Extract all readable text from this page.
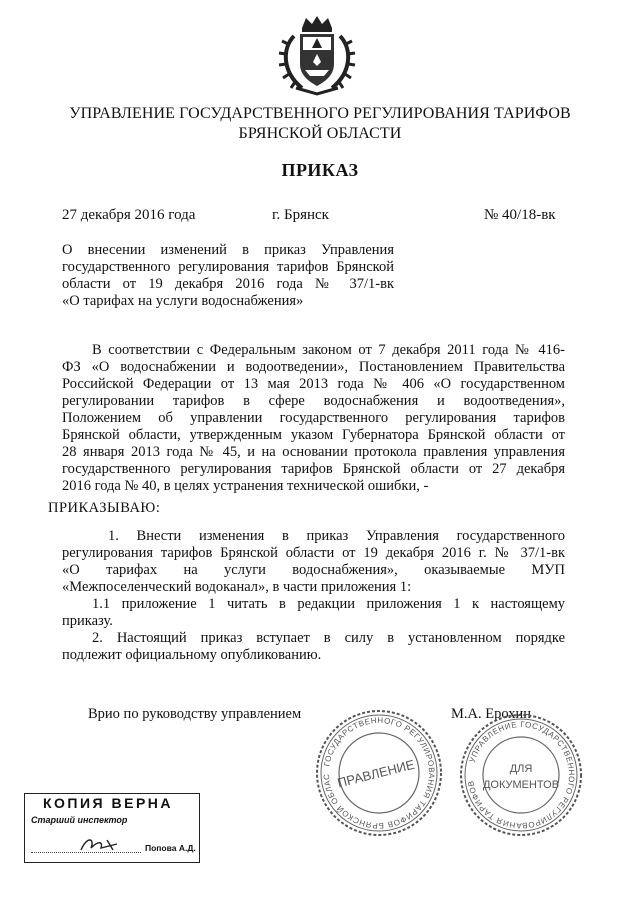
УПРАВЛЕНИЕ ГОСУДАРСТВЕННОГО РЕГУЛИРОВАНИЯ ТАРИФОВ
БРЯНСКОЙ ОБЛАСТИ
ПРИКАЗ
27 декабря 2016 года	г. Брянск	№ 40/18-вк
О внесении изменений в приказ Управления
государственного регулирования тарифов Брянской
области от 19 декабря 2016 года № 37/1-вк
«О тарифах на услуги водоснабжения»
В соответствии с Федеральным законом от 7 декабря 2011 года № 416-
ФЗ «О водоснабжении и водоотведении», Постановлением Правительства
Российской Федерации от 13 мая 2013 года № 406 «О государственном
регулировании тарифов в сфере водоснабжения и водоотведения»,
Положением об управлении государственного регулирования тарифов
Брянской области, утвержденным указом Губернатора Брянской области от
28 января 2013 года № 45, и на основании протокола правления управления
государственного регулирования тарифов Брянской области от 27 декабря
2016 года № 40, в целях устранения технической ошибки, -
ПРИКАЗЫВАЮ:
1. Внести изменения в приказ Управления государственного
регулирования тарифов Брянской области от 19 декабря 2016 г. № 37/1-вк
«О тарифах на услуги водоснабжения», оказываемые МУП
«Межпоселенческий водоканал», в части приложения 1:
1.1 приложение 1 читать в редакции приложения 1 к настоящему
приказу.
2. Настоящий приказ вступает в силу в установленном порядке
подлежит официальному опубликованию.
Врио по руководству управлением	М.А. Ерохин
ГОСУДАРСТВЕННОГО РЕГУЛИРОВАНИЯ ТАРИФОВ БРЯНСКОЙ ОБЛАСТИ
ПРАВЛЕНИЕ	УПРАВЛЕНИЕ ГОСУДАРСТВЕННОГО РЕГУЛИРОВАНИЯ ТАРИФОВ
ДЛЯ
ДОКУМЕНТОВ
КОПИЯ ВЕРНА
Старший инспектор
Попова А.Д.
